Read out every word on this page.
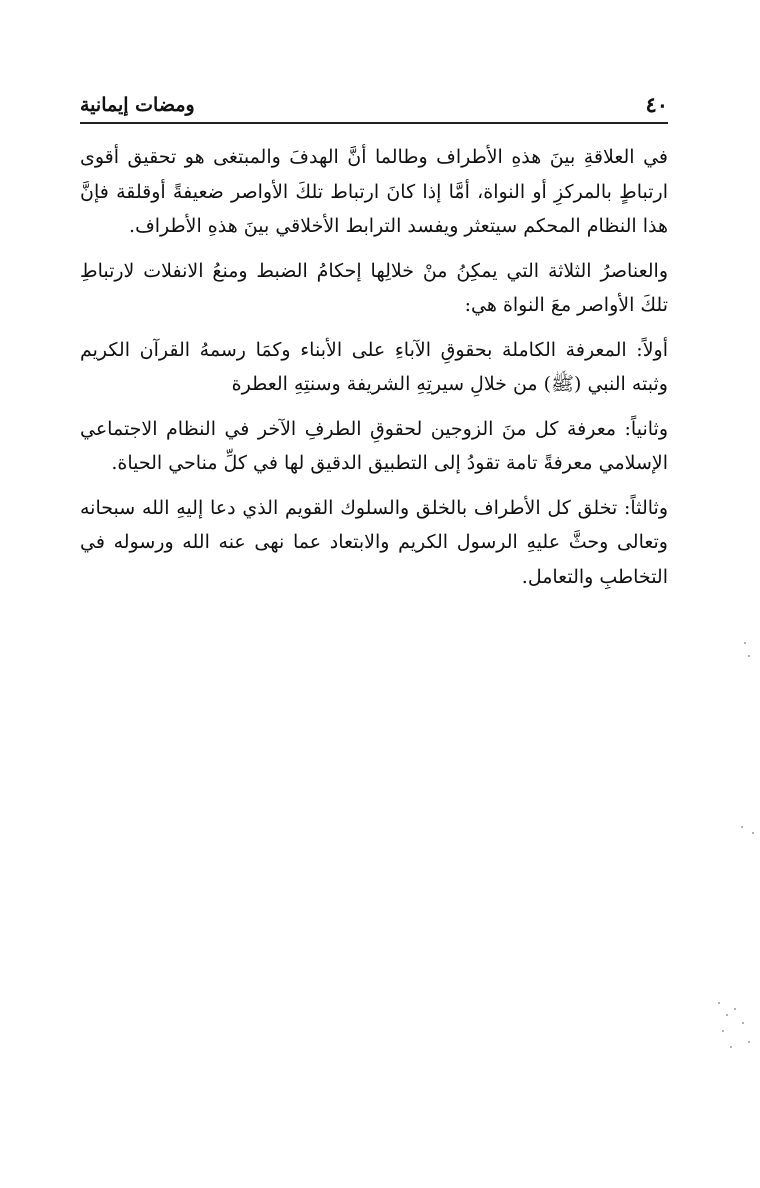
ومضات إيمانية	٤٠

في العلاقةِ بينَ هذهِ الأطراف وطالما أنَّ الهدفَ والمبتغى هو تحقيق أقوى ارتباطٍ بالمركزِ أو النواة، أمَّا إذا كانَ ارتباط تلكَ الأواصر ضعيفةً أوقلقة فإنَّ هذا النظام المحكم سيتعثر ويفسد الترابط الأخلاقي بينَ هذهِ الأطراف.

والعناصرُ الثلاثة التي يمكِنُ منْ خلالِها إحكامُ الضبط ومنعُ الانفلات لارتباطِ تلكَ الأواصر معَ النواة هي:

أولاً: المعرفة الكاملة بحقوقِ الآباءِ على الأبناء وكمَا رسمهُ القرآن الكريم وثبته النبي (ﷺ) من خلالِ سيرتِهِ الشريفة وسنتِهِ العطرة

وثانياً: معرفة كل منَ الزوجين لحقوقِ الطرفِ الآخر في النظام الاجتماعي الإسلامي معرفةً تامة تقودُ إلى التطبيق الدقيق لها في كلِّ مناحي الحياة.

وثالثاً: تخلق كل الأطراف بالخلق والسلوك القويم الذي دعا إليهِ الله سبحانه وتعالى وحثَّ عليهِ الرسول الكريم والابتعاد عما نهى عنه الله ورسوله في التخاطبِ والتعامل.
